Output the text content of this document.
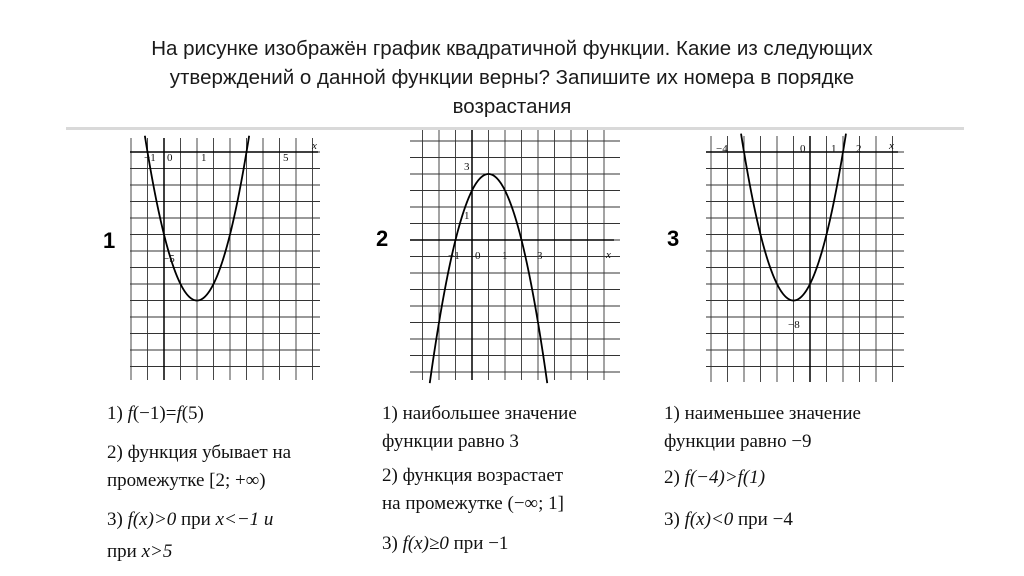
На рисунке изображён график квадратичной функции. Какие из следующих
утверждений о данной функции верны? Запишите их номера в порядке
возрастания
1
−1 0	1	5
x
−5
2
−1 0 1	3	x
1
3
3
−4	0 1 2	x
−8
1) f(−1)=f(5)
2) функция убывает на
промежутке [2; +∞)
3) f(x)>0 при x<−1 и
при x>5
1) наибольшее значение
функции равно 3
2) функция возрастает
на промежутке (−∞; 1]
3) f(x)≥0 при −1
1) наименьшее значение
функции равно −9
2) f(−4)>f(1)
3) f(x)<0 при −4
